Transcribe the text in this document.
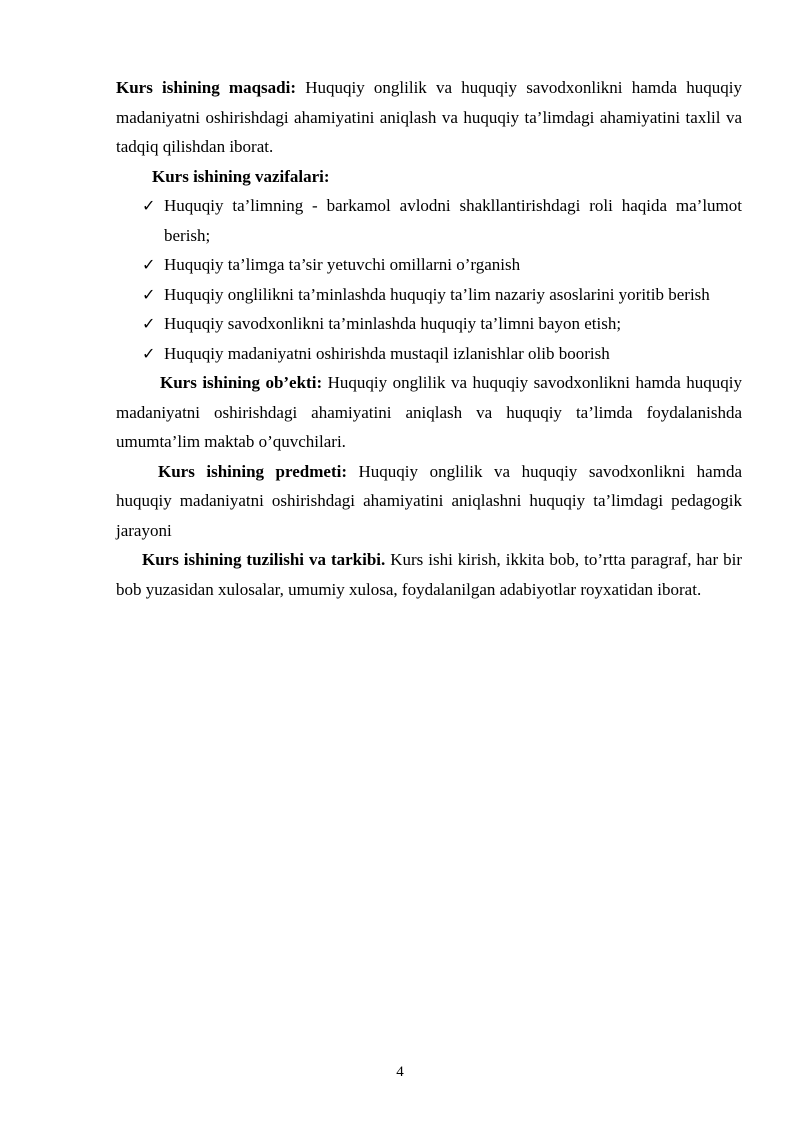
Kurs ishining maqsadi: Huquqiy onglilik va huquqiy savodxonlikni hamda huquqiy madaniyatni oshirishdagi ahamiyatini aniqlash va huquqiy ta’limdagi ahamiyatini taxlil va tadqiq qilishdan iborat.

Kurs ishining vazifalari:

✓ Huquqiy ta’limning - barkamol avlodni shakllantirishdagi roli haqida ma’lumot berish;
✓ Huquqiy ta’limga ta’sir yetuvchi omillarni o’rganish
✓ Huquqiy onglilikni ta’minlashda huquqiy ta’lim nazariy asoslarini yoritib berish
✓ Huquqiy savodxonlikni ta’minlashda huquqiy ta’limni bayon etish;
✓ Huquqiy madaniyatni oshirishda mustaqil izlanishlar olib boorish

Kurs ishining ob’ekti: Huquqiy onglilik va huquqiy savodxonlikni hamda huquqiy madaniyatni oshirishdagi ahamiyatini aniqlash va huquqiy ta’limda foydalanishda umumta’lim maktab o’quvchilari.

Kurs ishining predmeti: Huquqiy onglilik va huquqiy savodxonlikni hamda huquqiy madaniyatni oshirishdagi ahamiyatini aniqlashni huquqiy ta’limdagi pedagogik jarayoni

Kurs ishining tuzilishi va tarkibi. Kurs ishi kirish, ikkita bob, to’rtta paragraf, har bir bob yuzasidan xulosalar, umumiy xulosa, foydalanilgan adabiyotlar royxatidan iborat.

4
